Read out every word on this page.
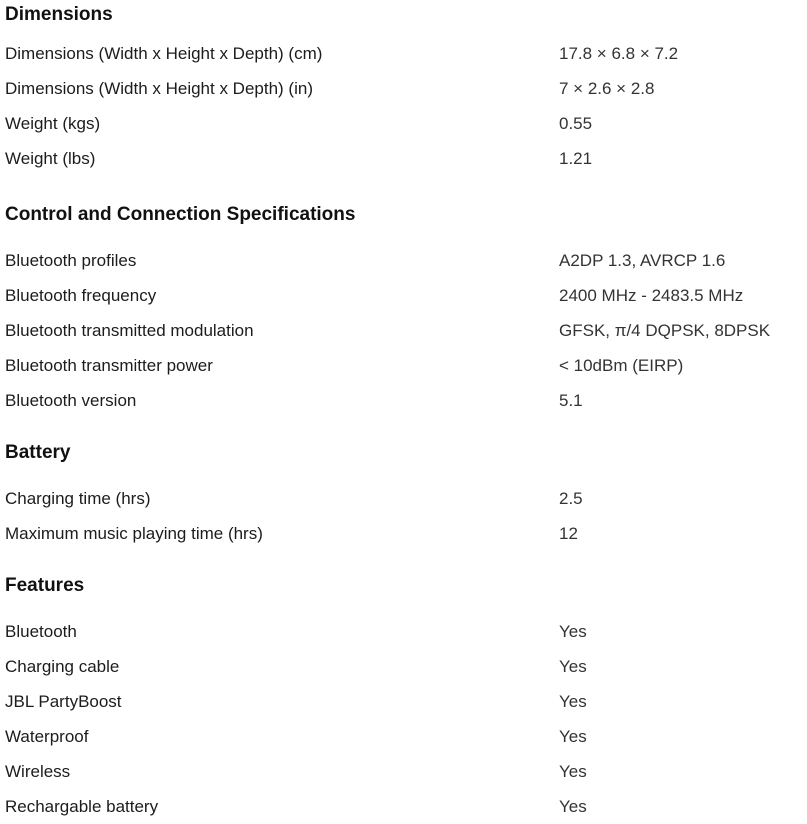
Dimensions
Dimensions (Width x Height x Depth) (cm)	17.8 × 6.8 × 7.2
Dimensions (Width x Height x Depth) (in)	7 × 2.6 × 2.8
Weight (kgs)	0.55
Weight (lbs)	1.21
Control and Connection Specifications
Bluetooth profiles	A2DP 1.3, AVRCP 1.6
Bluetooth frequency	2400 MHz - 2483.5 MHz
Bluetooth transmitted modulation	GFSK, π/4 DQPSK, 8DPSK
Bluetooth transmitter power	< 10dBm (EIRP)
Bluetooth version	5.1
Battery
Charging time (hrs)	2.5
Maximum music playing time (hrs)	12
Features
Bluetooth	Yes
Charging cable	Yes
JBL PartyBoost	Yes
Waterproof	Yes
Wireless	Yes
Rechargable battery	Yes
